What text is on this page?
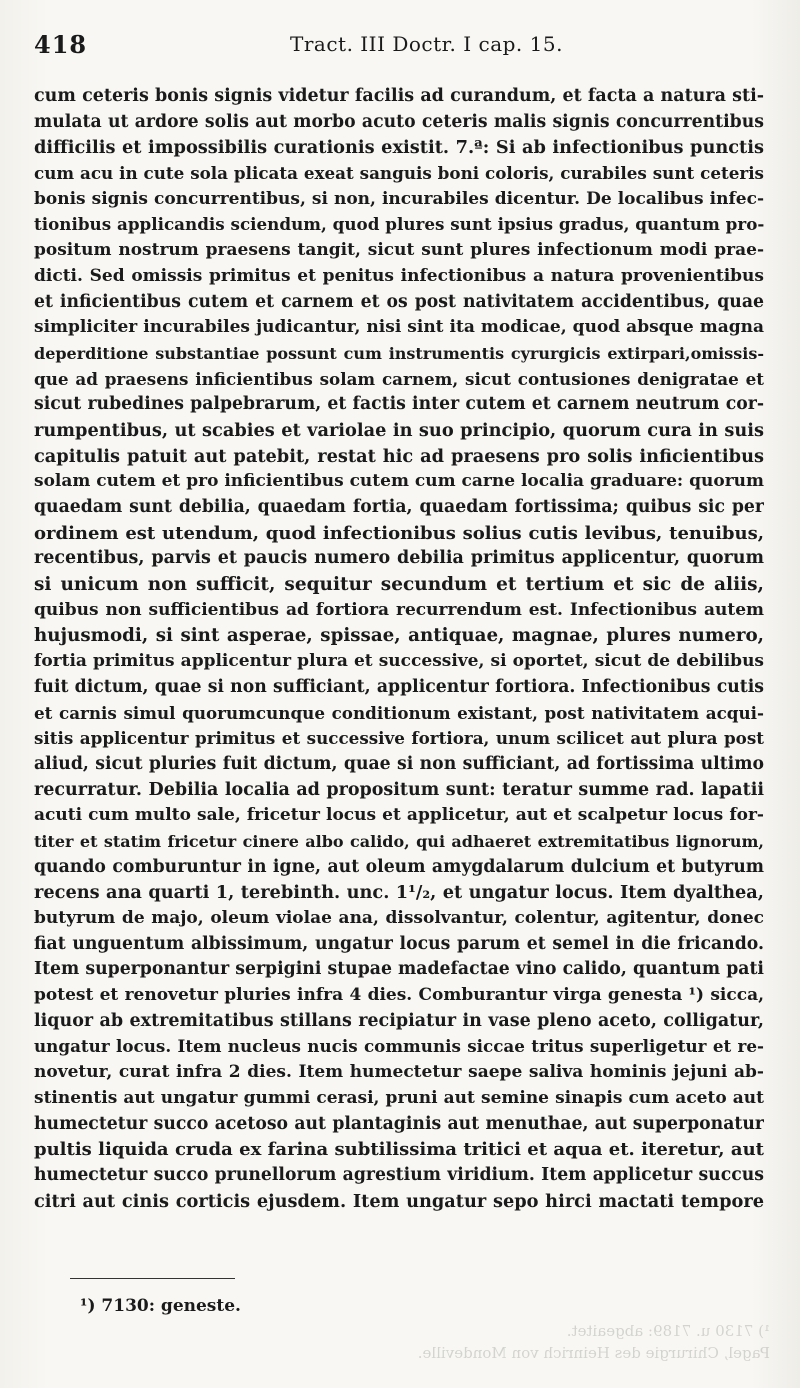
418	Tract. III Doctr. I cap. 15.
cum ceteris bonis signis videtur facilis ad curandum, et facta a natura sti-
mulata ut ardore solis aut morbo acuto ceteris malis signis concurrentibus
difficilis et impossibilis curationis existit. 7.ª: Si ab infectionibus punctis
cum acu in cute sola plicata exeat sanguis boni coloris, curabiles sunt ceteris
bonis signis concurrentibus, si non, incurabiles dicentur. De localibus infec-
tionibus applicandis sciendum, quod plures sunt ipsius gradus, quantum pro-
positum nostrum praesens tangit, sicut sunt plures infectionum modi prae-
dicti. Sed omissis primitus et penitus infectionibus a natura provenientibus
et inficientibus cutem et carnem et os post nativitatem accidentibus, quae
simpliciter incurabiles judicantur, nisi sint ita modicae, quod absque magna
deperditione substantiae possunt cum instrumentis cyrurgicis extirpari,omissis-
que ad praesens inficientibus solam carnem, sicut contusiones denigratae et
sicut rubedines palpebrarum, et factis inter cutem et carnem neutrum cor-
rumpentibus, ut scabies et variolae in suo principio, quorum cura in suis
capitulis patuit aut patebit, restat hic ad praesens pro solis inficientibus
solam cutem et pro inficientibus cutem cum carne localia graduare: quorum
quaedam sunt debilia, quaedam fortia, quaedam fortissima; quibus sic per
ordinem est utendum, quod infectionibus solius cutis levibus, tenuibus,
recentibus, parvis et paucis numero debilia primitus applicentur, quorum
si unicum non sufficit, sequitur secundum et tertium et sic de aliis,
quibus non sufficientibus ad fortiora recurrendum est. Infectionibus autem
hujusmodi, si sint asperae, spissae, antiquae, magnae, plures numero,
fortia primitus applicentur plura et successive, si oportet, sicut de debilibus
fuit dictum, quae si non sufficiant, applicentur fortiora. Infectionibus cutis
et carnis simul quorumcunque conditionum existant, post nativitatem acqui-
sitis applicentur primitus et successive fortiora, unum scilicet aut plura post
aliud, sicut pluries fuit dictum, quae si non sufficiant, ad fortissima ultimo
recurratur. Debilia localia ad propositum sunt: teratur summe rad. lapatii
acuti cum multo sale, fricetur locus et applicetur, aut et scalpetur locus for-
titer et statim fricetur cinere albo calido, qui adhaeret extremitatibus lignorum,
quando comburuntur in igne, aut oleum amygdalarum dulcium et butyrum
recens ana quarti 1, terebinth. unc. 1¹/₂, et ungatur locus. Item dyalthea,
butyrum de majo, oleum violae ana, dissolvantur, colentur, agitentur, donec
fiat unguentum albissimum, ungatur locus parum et semel in die fricando.
Item superponantur serpigini stupae madefactae vino calido, quantum pati
potest et renovetur pluries infra 4 dies. Comburantur virga genesta ¹) sicca,
liquor ab extremitatibus stillans recipiatur in vase pleno aceto, colligatur,
ungatur locus. Item nucleus nucis communis siccae tritus superligetur et re-
novetur, curat infra 2 dies. Item humectetur saepe saliva hominis jejuni ab-
stinentis aut ungatur gummi cerasi, pruni aut semine sinapis cum aceto aut
humectetur succo acetoso aut plantaginis aut menuthae, aut superponatur
pultis liquida cruda ex farina subtilissima tritici et aqua et. iteretur, aut
humectetur succo prunellorum agrestium viridium. Item applicetur succus
citri aut cinis corticis ejusdem. Item ungatur sepo hirci mactati tempore
¹) 7130: geneste.
¹) 7130 u. 7189: abgeaitet.
Pagel, Chirurgie des Heinrich von Mondeville.
